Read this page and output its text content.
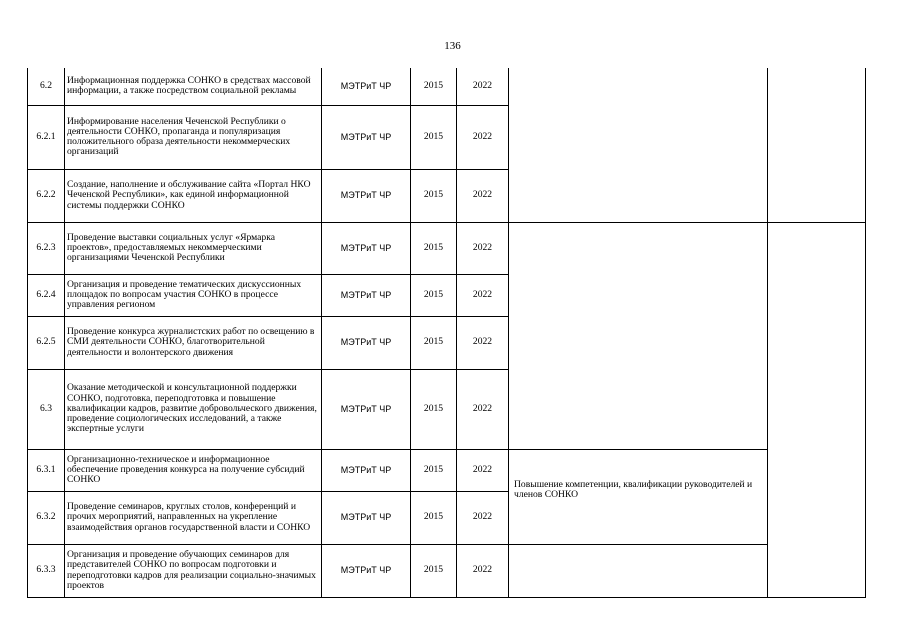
136
6.2	Информационная поддержка СОНКО в средствах массовой информации, а также посредством социальной рекламы	МЭТРиТ ЧР	2015	2022		
6.2.1	Информирование населения Чеченской Республики о деятельности СОНКО, пропаганда и популяризация положительного образа деятельности некоммерческих организаций	МЭТРиТ ЧР	2015	2022		
6.2.2	Создание, наполнение и обслуживание сайта «Портал НКО Чеченской Республики», как единой информационной системы поддержки СОНКО	МЭТРиТ ЧР	2015	2022		
6.2.3	Проведение выставки социальных услуг «Ярмарка проектов», предоставляемых некоммерческими организациями Чеченской Республики	МЭТРиТ ЧР	2015	2022		
6.2.4	Организация и проведение тематических дискуссионных площадок по вопросам участия СОНКО в процессе управления регионом	МЭТРиТ ЧР	2015	2022		
6.2.5	Проведение конкурса журналистских работ по освещению в СМИ деятельности СОНКО, благотворительной деятельности и волонтерского движения	МЭТРиТ ЧР	2015	2022		
6.3	Оказание методической и консультационной поддержки СОНКО, подготовка, переподготовка и повышение квалификации кадров, развитие добровольческого движения, проведение социологических исследований, а также экспертные услуги	МЭТРиТ ЧР	2015	2022		
6.3.1	Организационно-техническое и информационное обеспечение проведения конкурса на получение субсидий СОНКО	МЭТРиТ ЧР	2015	2022	Повышение компетенции, квалификации руководителей и членов СОНКО	
6.3.2	Проведение семинаров, круглых столов, конференций и прочих мероприятий, направленных на укрепление взаимодействия органов государственной власти и СОНКО	МЭТРиТ ЧР	2015	2022		
6.3.3	Организация и проведение обучающих семинаров для представителей СОНКО по вопросам подготовки и переподготовки кадров для реализации социально-значимых проектов	МЭТРиТ ЧР	2015	2022		
